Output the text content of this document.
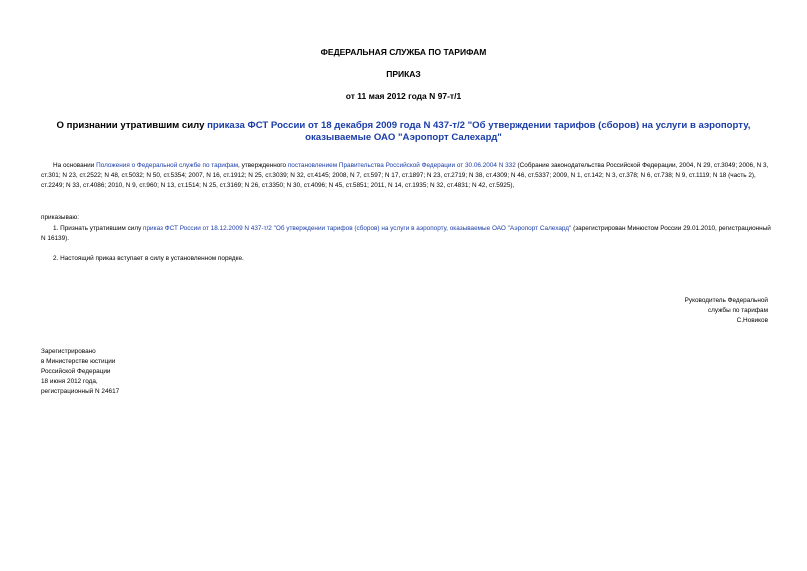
ФЕДЕРАЛЬНАЯ СЛУЖБА ПО ТАРИФАМ
ПРИКАЗ
от 11 мая 2012 года N 97-т/1
О признании утратившим силу приказа ФСТ России от 18 декабря 2009 года N 437-т/2 "Об утверждении тарифов (сборов) на услуги в аэропорту, оказываемые ОАО "Аэропорт Салехард"
На основании Положения о Федеральной службе по тарифам, утвержденного постановлением Правительства Российской Федерации от 30.06.2004 N 332 (Собрание законодательства Российской Федерации, 2004, N 29, ст.3049; 2006, N 3, ст.301; N 23, ст.2522; N 48, ст.5032; N 50, ст.5354; 2007, N 16, ст.1912; N 25, ст.3039; N 32, ст.4145; 2008, N 7, ст.597; N 17, ст.1897; N 23, ст.2719; N 38, ст.4309; N 46, ст.5337; 2009, N 1, ст.142; N 3, ст.378; N 6, ст.738; N 9, ст.1119; N 18 (часть 2), ст.2249; N 33, ст.4086; 2010, N 9, ст.960; N 13, ст.1514; N 25, ст.3169; N 26, ст.3350; N 30, ст.4096; N 45, ст.5851; 2011, N 14, ст.1935; N 32, ст.4831; N 42, ст.5925),
приказываю:
1. Признать утратившим силу приказ ФСТ России от 18.12.2009 N 437-т/2 "Об утверждении тарифов (сборов) на услуги в аэропорту, оказываемые ОАО "Аэропорт Салехард" (зарегистрирован Минюстом России 29.01.2010, регистрационный N 16139).
2. Настоящий приказ вступает в силу в установленном порядке.
Руководитель Федеральной
службы по тарифам
С.Новиков
Зарегистрировано
в Министерстве юстиции
Российской Федерации
18 июня 2012 года,
регистрационный N 24617
